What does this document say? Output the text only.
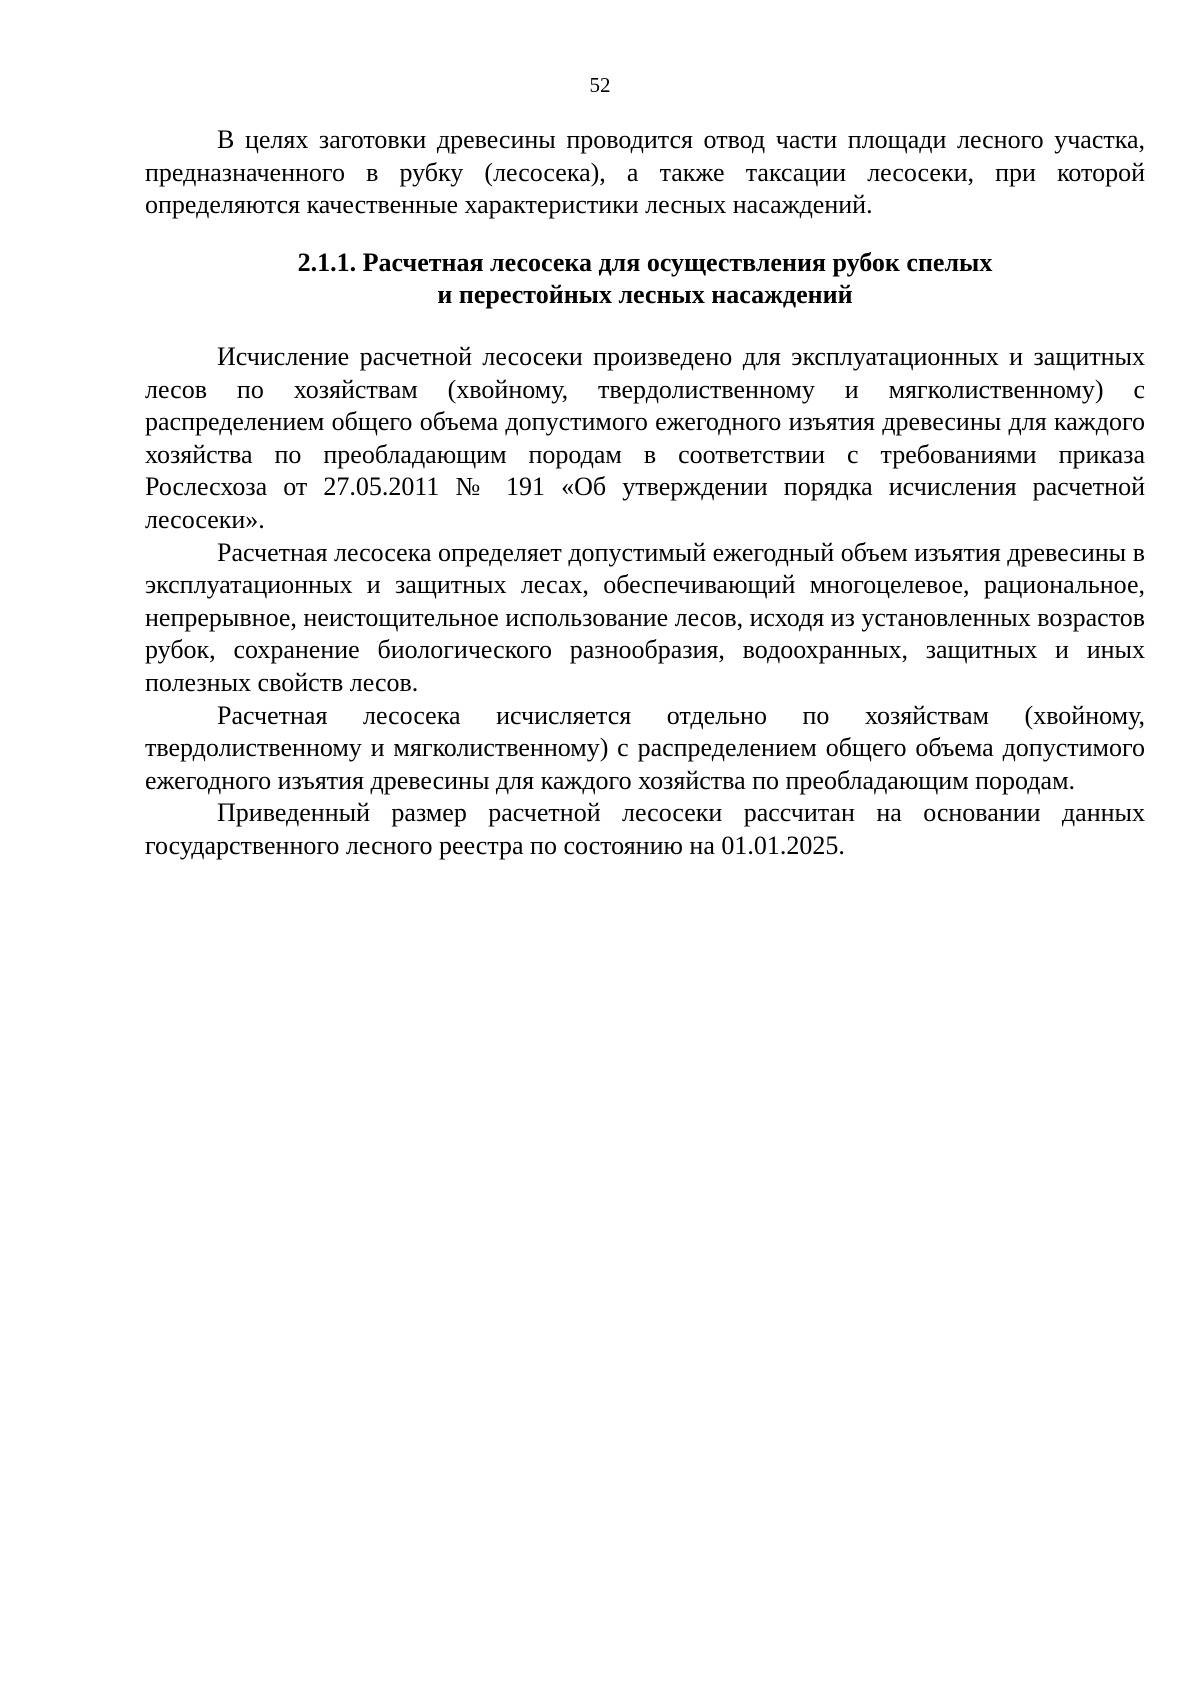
52

В целях заготовки древесины проводится отвод части площади лесного участка, предназначенного в рубку (лесосека), а также таксации лесосеки, при которой определяются качественные характеристики лесных насаждений.

2.1.1. Расчетная лесосека для осуществления рубок спелых
и перестойных лесных насаждений

Исчисление расчетной лесосеки произведено для эксплуатационных и защитных лесов по хозяйствам (хвойному, твердолиственному и мягколиственному) с распределением общего объема допустимого ежегодного изъятия древесины для каждого хозяйства по преобладающим породам в соответствии с требованиями приказа Рослесхоза от 27.05.2011 № 191 «Об утверждении порядка исчисления расчетной лесосеки».

Расчетная лесосека определяет допустимый ежегодный объем изъятия древесины в эксплуатационных и защитных лесах, обеспечивающий многоцелевое, рациональное, непрерывное, неистощительное использование лесов, исходя из установленных возрастов рубок, сохранение биологического разнообразия, водоохранных, защитных и иных полезных свойств лесов.

Расчетная лесосека исчисляется отдельно по хозяйствам (хвойному, твердолиственному и мягколиственному) с распределением общего объема допустимого ежегодного изъятия древесины для каждого хозяйства по преобладающим породам.

Приведенный размер расчетной лесосеки рассчитан на основании данных государственного лесного реестра по состоянию на 01.01.2025.
